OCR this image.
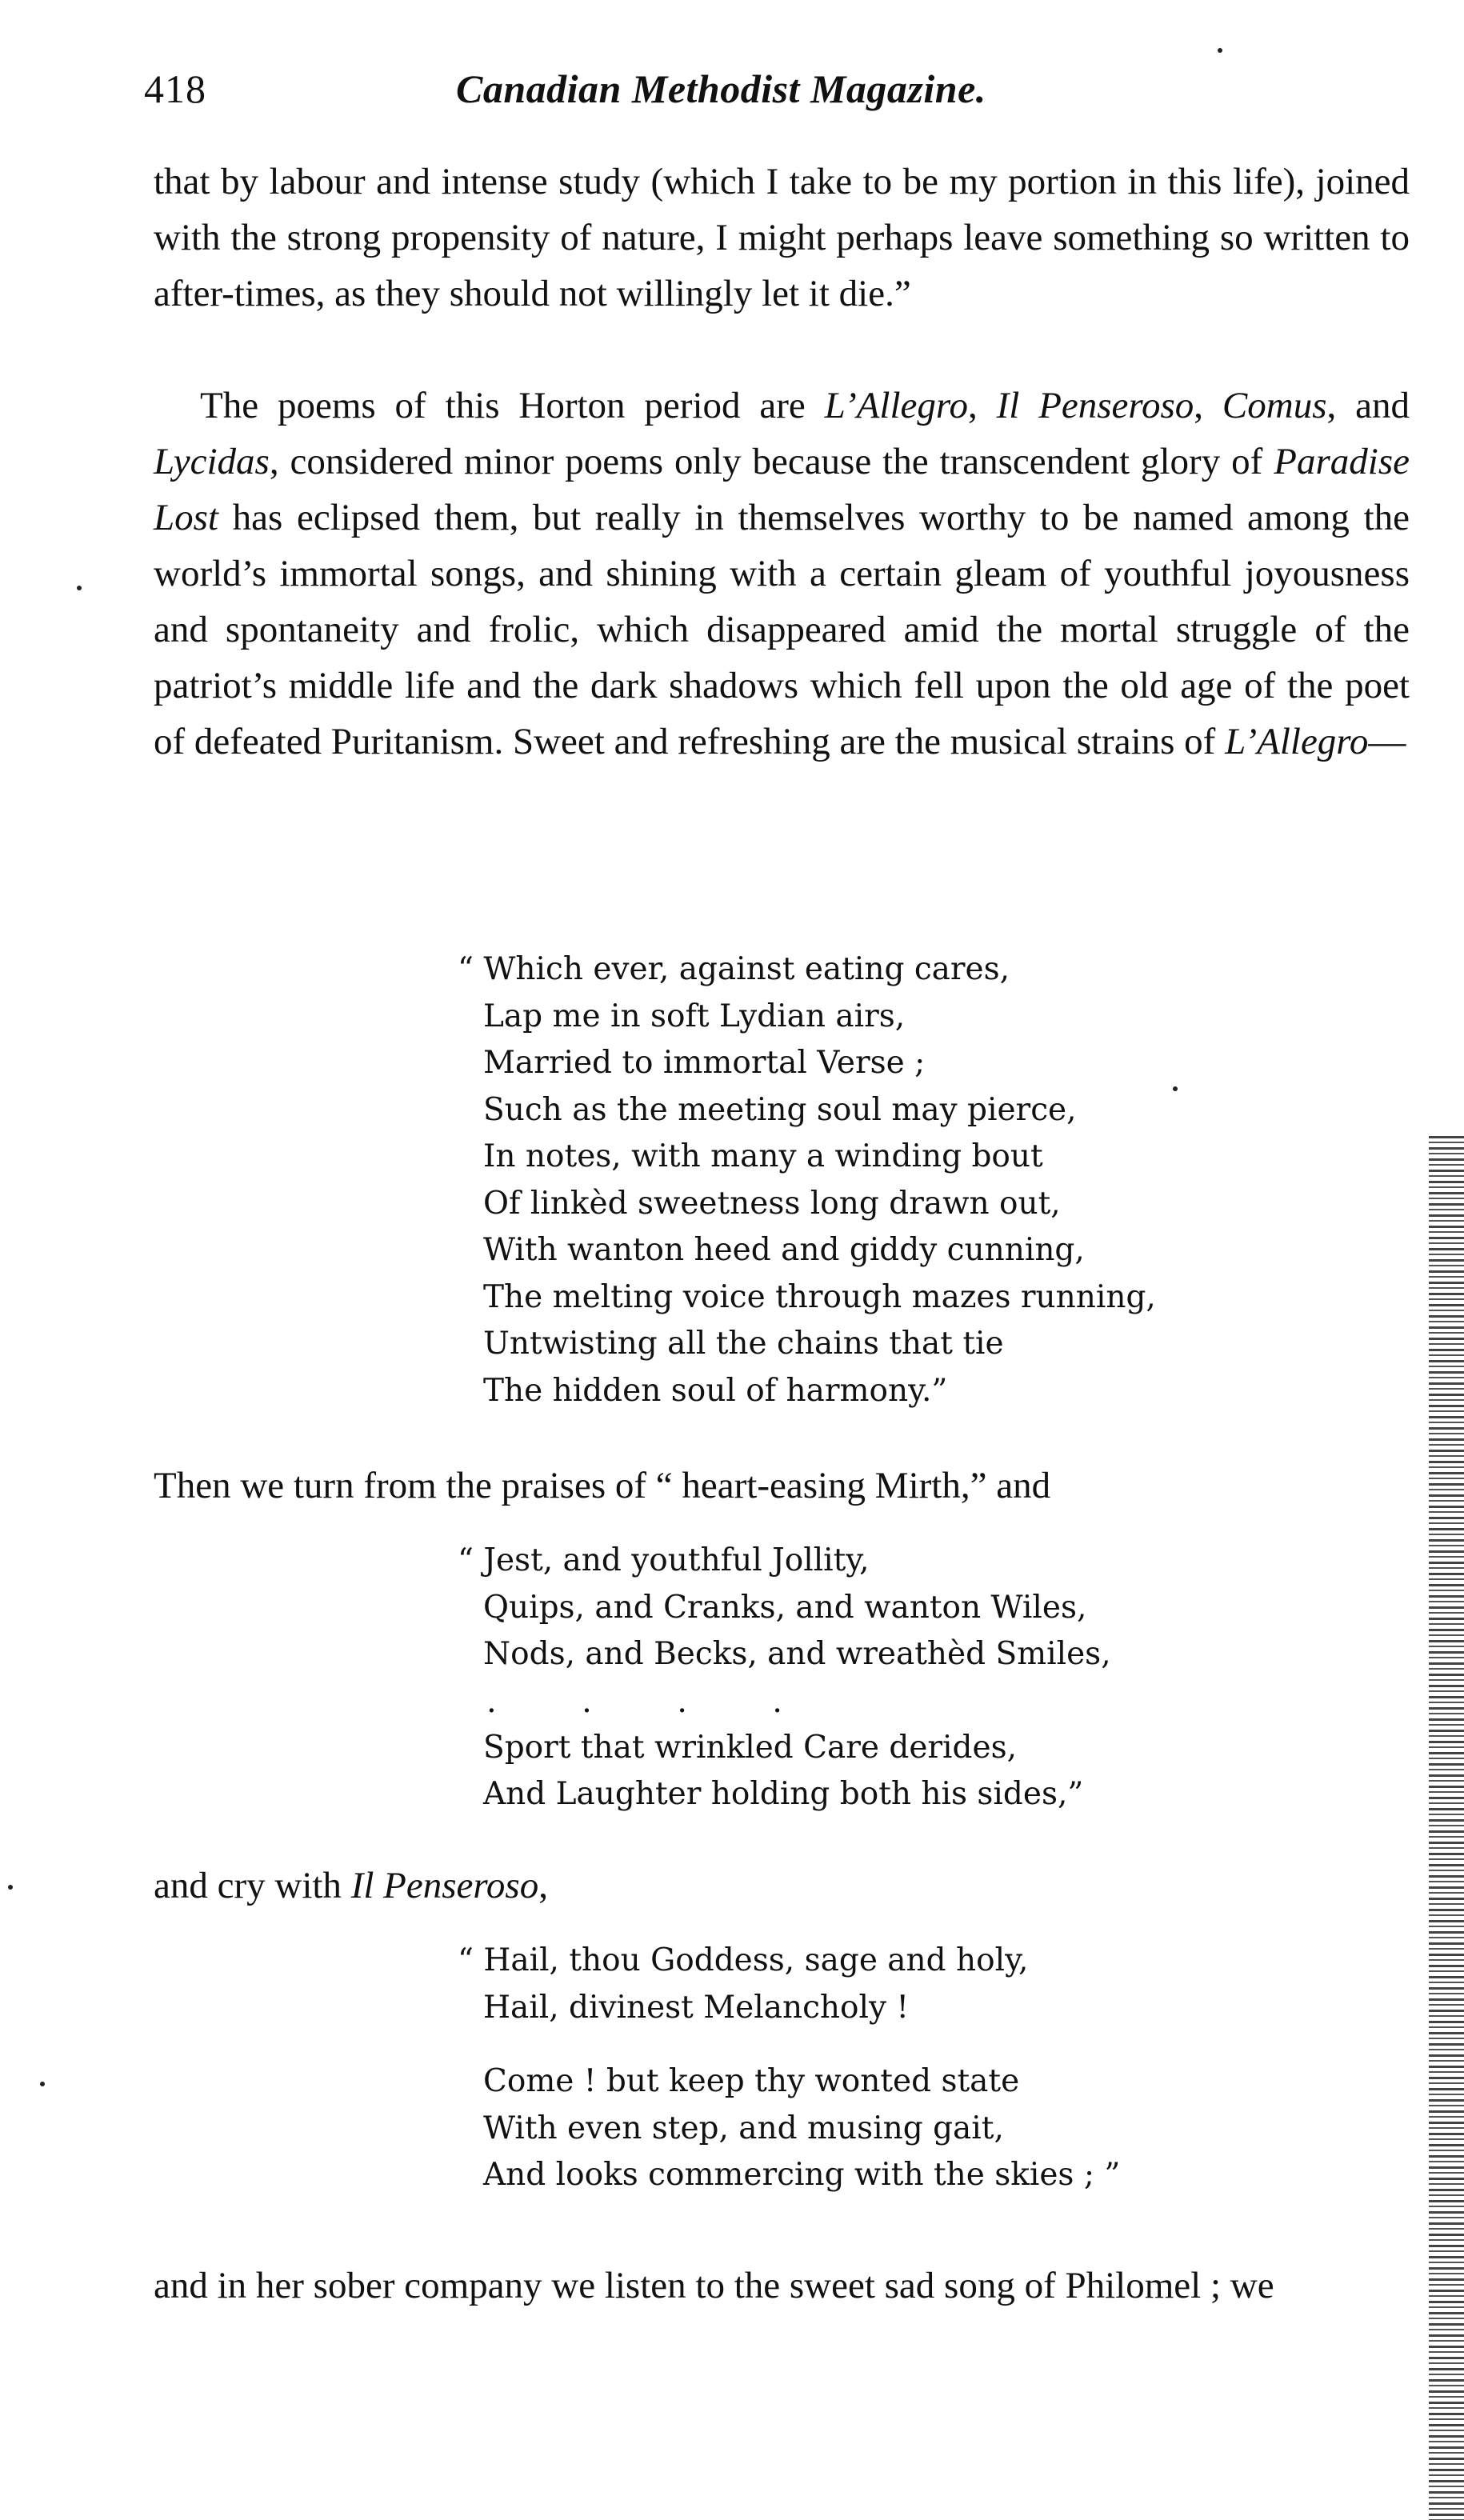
418	Canadian Methodist Magazine.

that by labour and intense study (which I take to be my portion in this life), joined with the strong propensity of nature, I might perhaps leave something so written to after-times, as they should not willingly let it die.”

The poems of this Horton period are L’Allegro, Il Penseroso, Comus, and Lycidas, considered minor poems only because the transcendent glory of Paradise Lost has eclipsed them, but really in themselves worthy to be named among the world’s immortal songs, and shining with a certain gleam of youthful joyousness and spontaneity and frolic, which disappeared amid the mortal struggle of the patriot’s middle life and the dark shadows which fell upon the old age of the poet of defeated Puritanism. Sweet and refreshing are the musical strains of L’Allegro—

“ Which ever, against eating cares,
Lap me in soft Lydian airs,
Married to immortal Verse ;
Such as the meeting soul may pierce,
In notes, with many a winding bout
Of linkèd sweetness long drawn out,
With wanton heed and giddy cunning,
The melting voice through mazes running,
Untwisting all the chains that tie
The hidden soul of harmony.”

Then we turn from the praises of “ heart-easing Mirth,” and

“ Jest, and youthful Jollity,
Quips, and Cranks, and wanton Wiles,
Nods, and Becks, and wreathèd Smiles,
.	.	.	.
Sport that wrinkled Care derides,
And Laughter holding both his sides,”

and cry with Il Penseroso,

“ Hail, thou Goddess, sage and holy,
Hail, divinest Melancholy !
Come ! but keep thy wonted state
With even step, and musing gait,
And looks commercing with the skies ; ”

and in her sober company we listen to the sweet sad song of Philomel ; we
